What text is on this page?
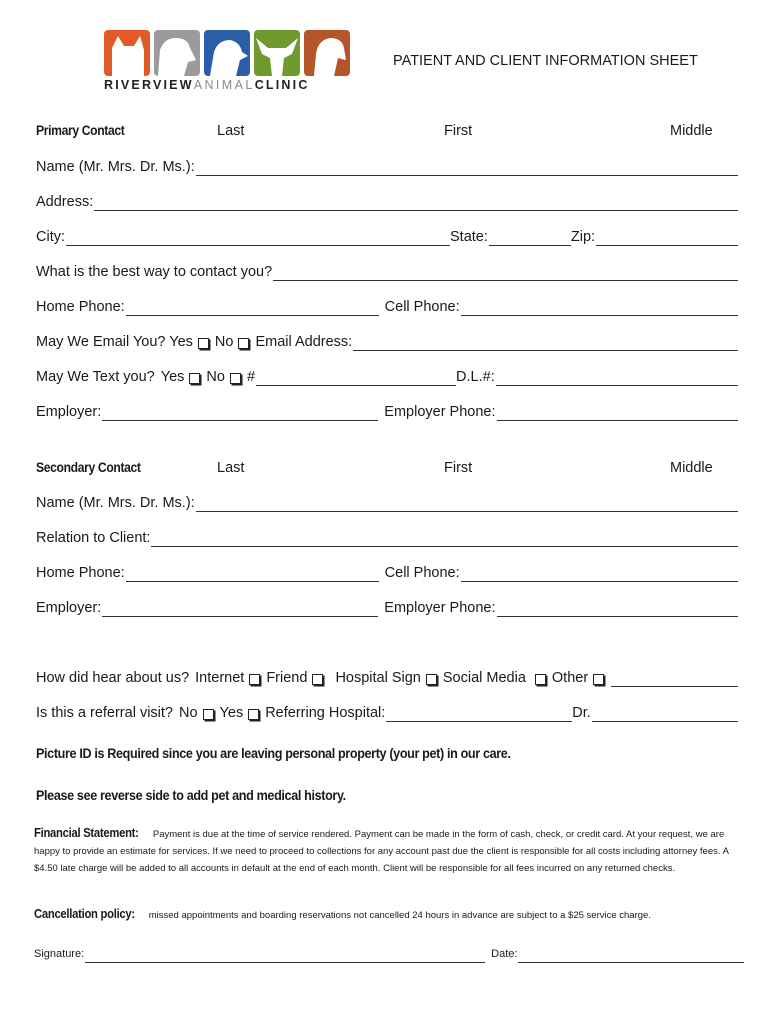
RIVERVIEWANIMALCLINIC
PATIENT AND CLIENT INFORMATION SHEET
Primary Contact	Last	First	Middle
Name (Mr. Mrs. Dr. Ms.):
Address:
City:	State:	Zip:
What is the best way to contact you?
Home Phone:	Cell Phone:
May We Email You? Yes No Email Address:
May We Text you? Yes No #	D.L.#:
Employer:	Employer Phone:
Secondary Contact	Last	First	Middle
Name (Mr. Mrs. Dr. Ms.):
Relation to Client:
Home Phone:	Cell Phone:
Employer:	Employer Phone:
How did hear about us? Internet Friend Hospital Sign Social Media Other
Is this a referral visit? No Yes Referring Hospital:	Dr.
Picture ID is Required since you are leaving personal property (your pet) in our care.
Please see reverse side to add pet and medical history.
Financial Statement: Payment is due at the time of service rendered. Payment can be made in the form of cash, check, or credit card. At your request, we are happy to provide an estimate for services. If we need to proceed to collections for any account past due the client is responsible for all costs including attorney fees. A $4.50 late charge will be added to all accounts in default at the end of each month. Client will be responsible for all fees incurred on any returned checks.
Cancellation policy: missed appointments and boarding reservations not cancelled 24 hours in advance are subject to a $25 service charge.
Signature:	Date:
